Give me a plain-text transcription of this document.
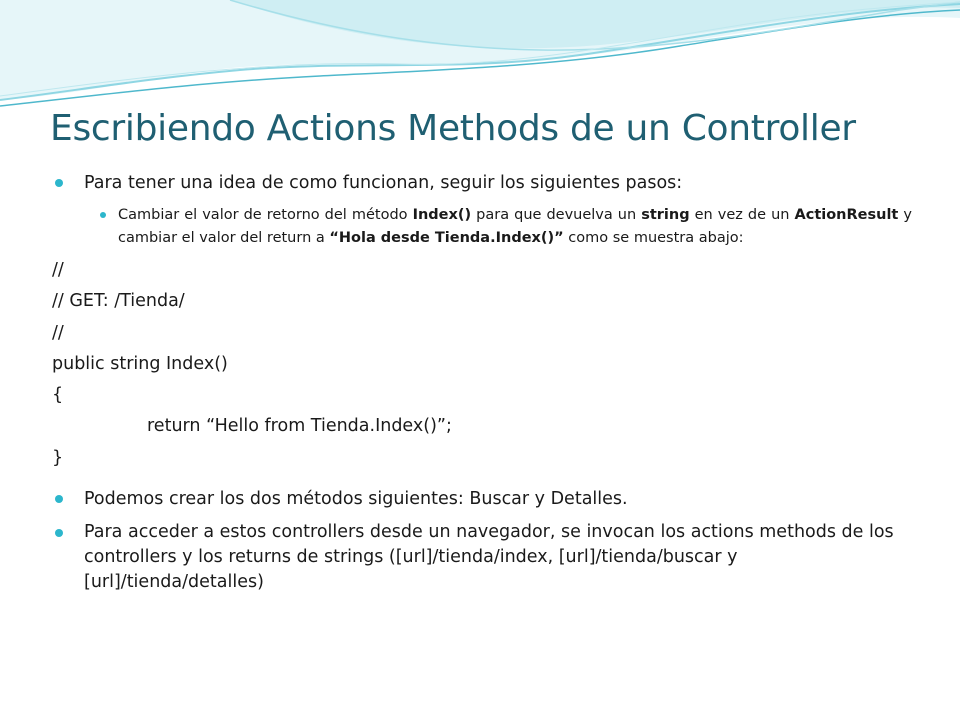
Escribiendo Actions Methods de un Controller
Para tener una idea de como funcionan, seguir los siguientes pasos:
Cambiar el valor de retorno del método Index() para que devuelva un string en vez de un ActionResult y cambiar el valor del return a “Hola desde Tienda.Index()” como se muestra abajo:
//
// GET: /Tienda/
//
public string Index()
{
return “Hello from Tienda.Index()”;
}
Podemos crear los dos métodos siguientes: Buscar y Detalles.
Para acceder a estos controllers desde un navegador, se invocan los actions methods de los controllers y los returns de strings ([url]/tienda/index, [url]/tienda/buscar y [url]/tienda/detalles)
